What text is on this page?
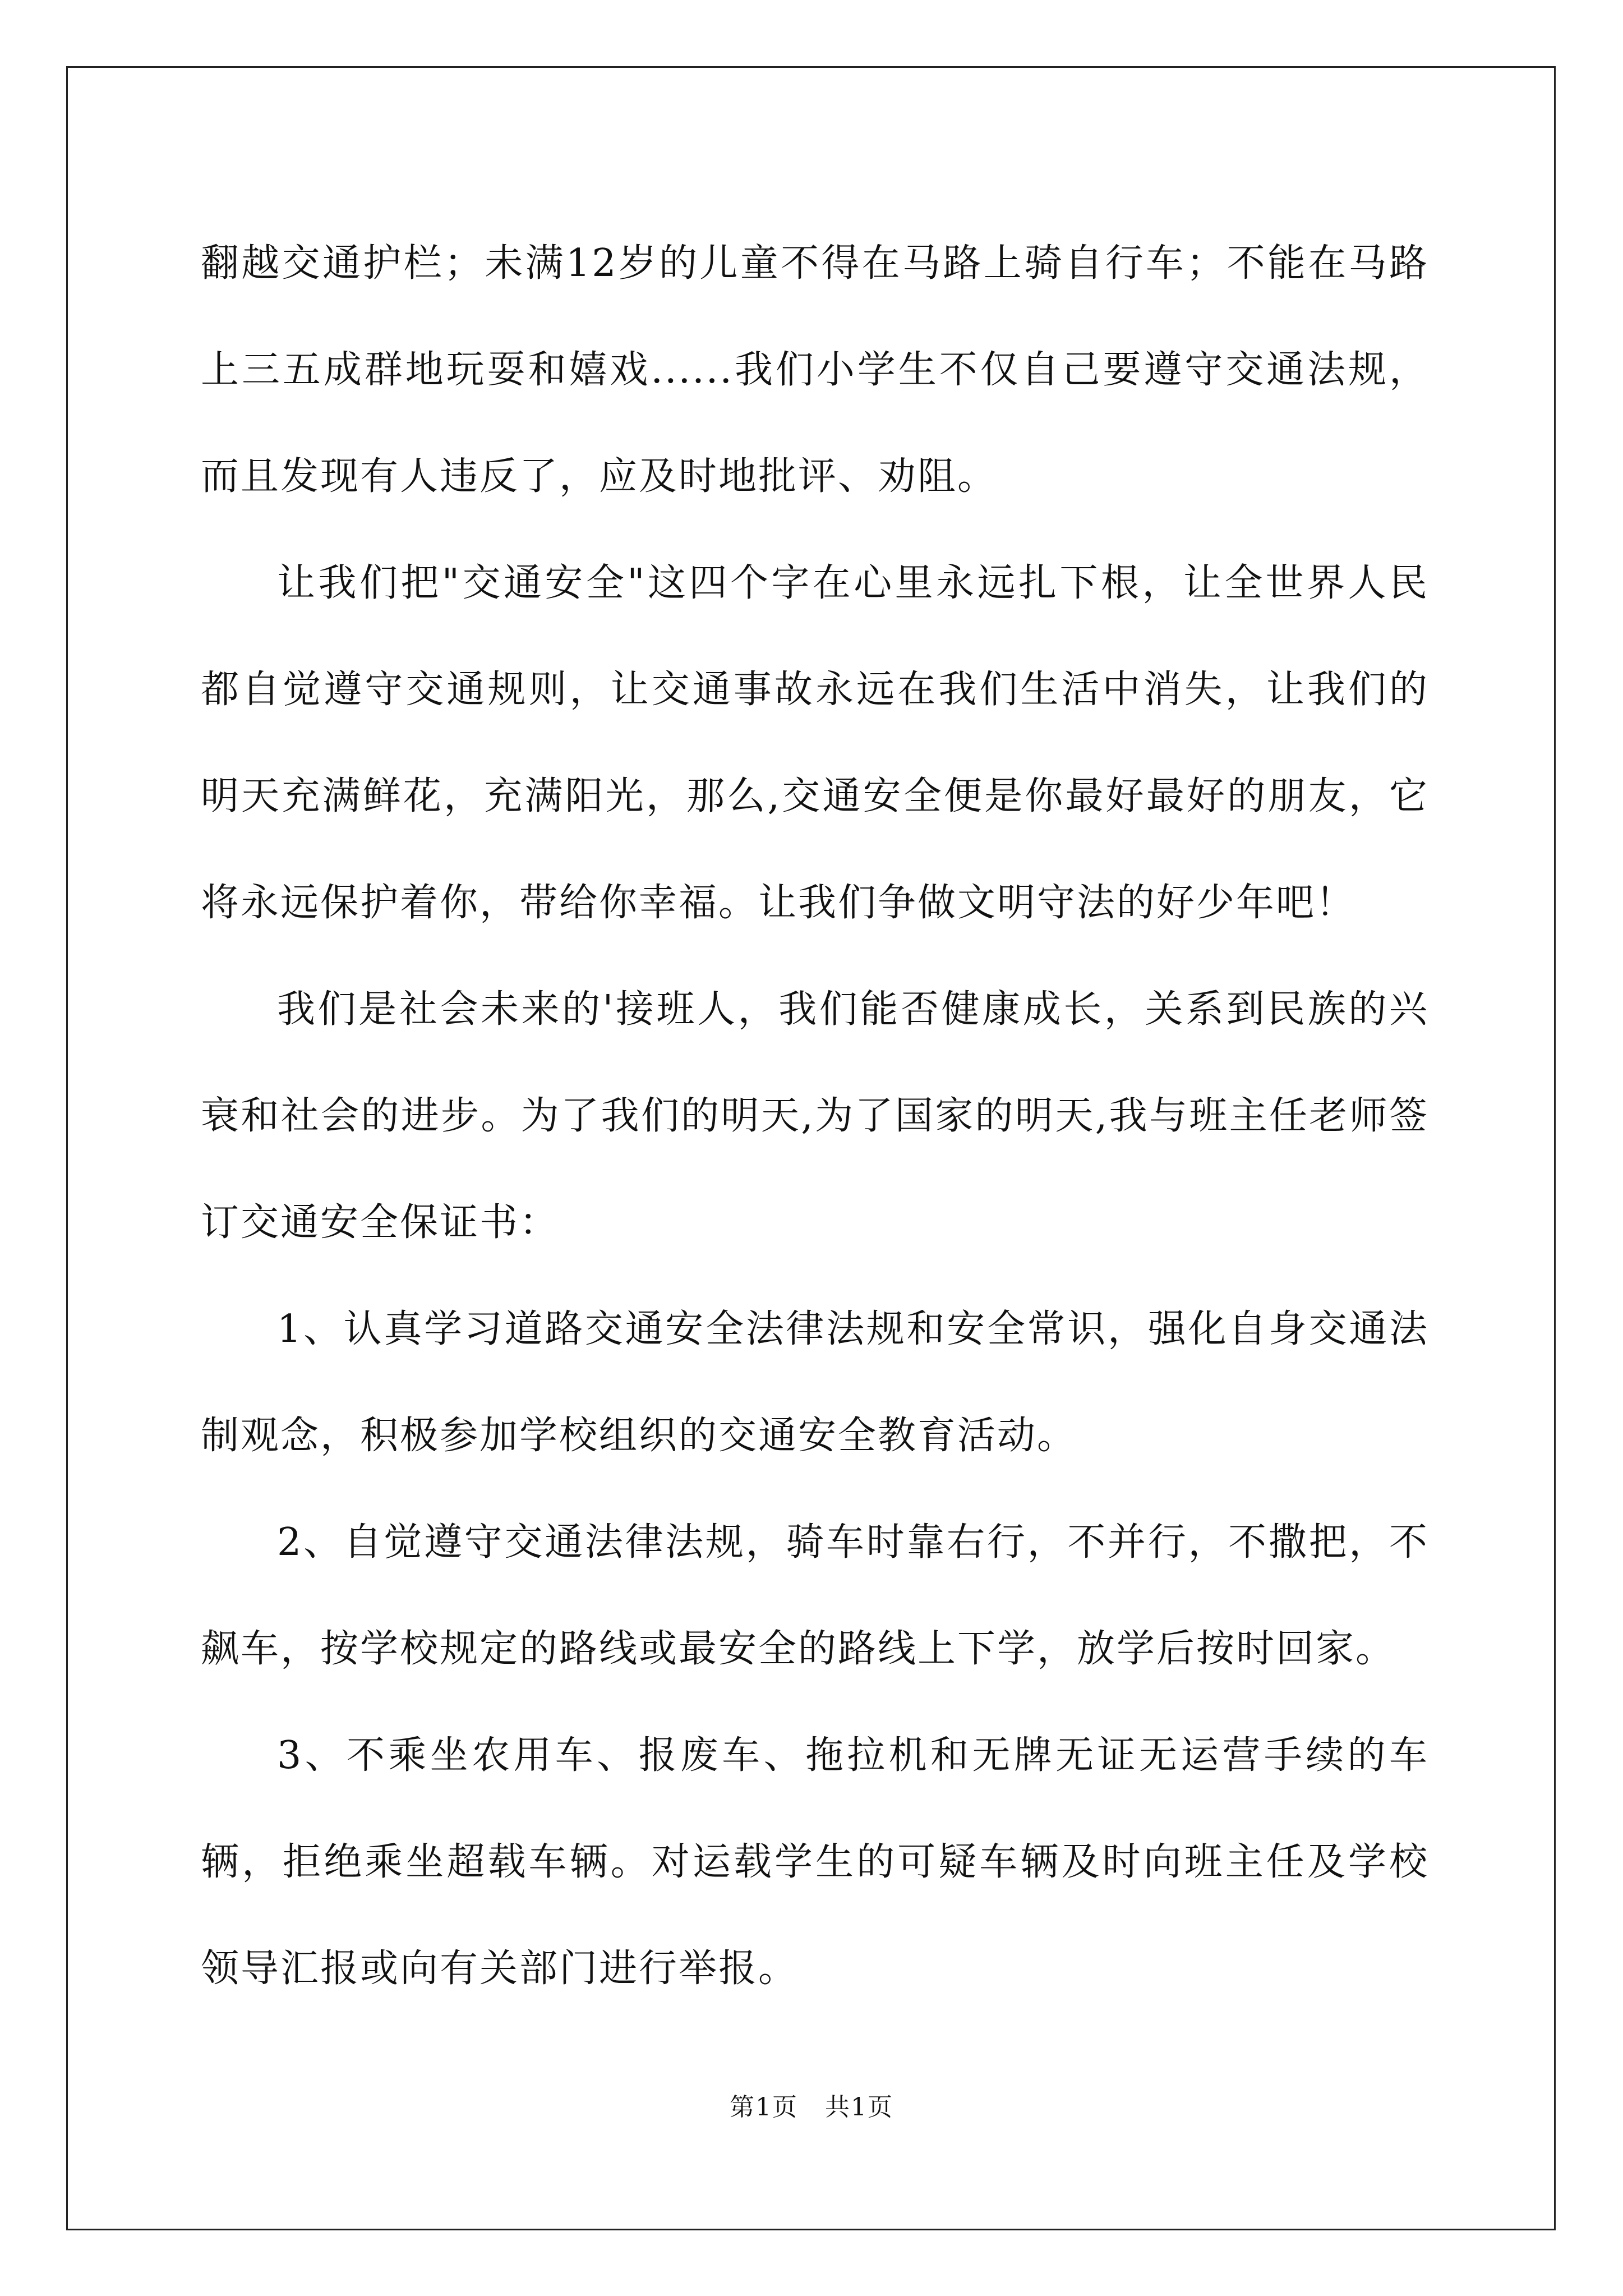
翻越交通护栏；未满12岁的儿童不得在马路上骑自行车；不能在马路上三五成群地玩耍和嬉戏......我们小学生不仅自己要遵守交通法规，而且发现有人违反了，应及时地批评、劝阻。

让我们把"交通安全"这四个字在心里永远扎下根，让全世界人民都自觉遵守交通规则，让交通事故永远在我们生活中消失，让我们的明天充满鲜花，充满阳光，那么,交通安全便是你最好最好的朋友，它将永远保护着你，带给你幸福。让我们争做文明守法的好少年吧！

我们是社会未来的'接班人，我们能否健康成长，关系到民族的兴衰和社会的进步。为了我们的明天,为了国家的明天,我与班主任老师签订交通安全保证书：

1、认真学习道路交通安全法律法规和安全常识，强化自身交通法制观念，积极参加学校组织的交通安全教育活动。

2、自觉遵守交通法律法规，骑车时靠右行，不并行，不撒把，不飙车，按学校规定的路线或最安全的路线上下学，放学后按时回家。

3、不乘坐农用车、报废车、拖拉机和无牌无证无运营手续的车辆，拒绝乘坐超载车辆。对运载学生的可疑车辆及时向班主任及学校领导汇报或向有关部门进行举报。

第1页 共1页
